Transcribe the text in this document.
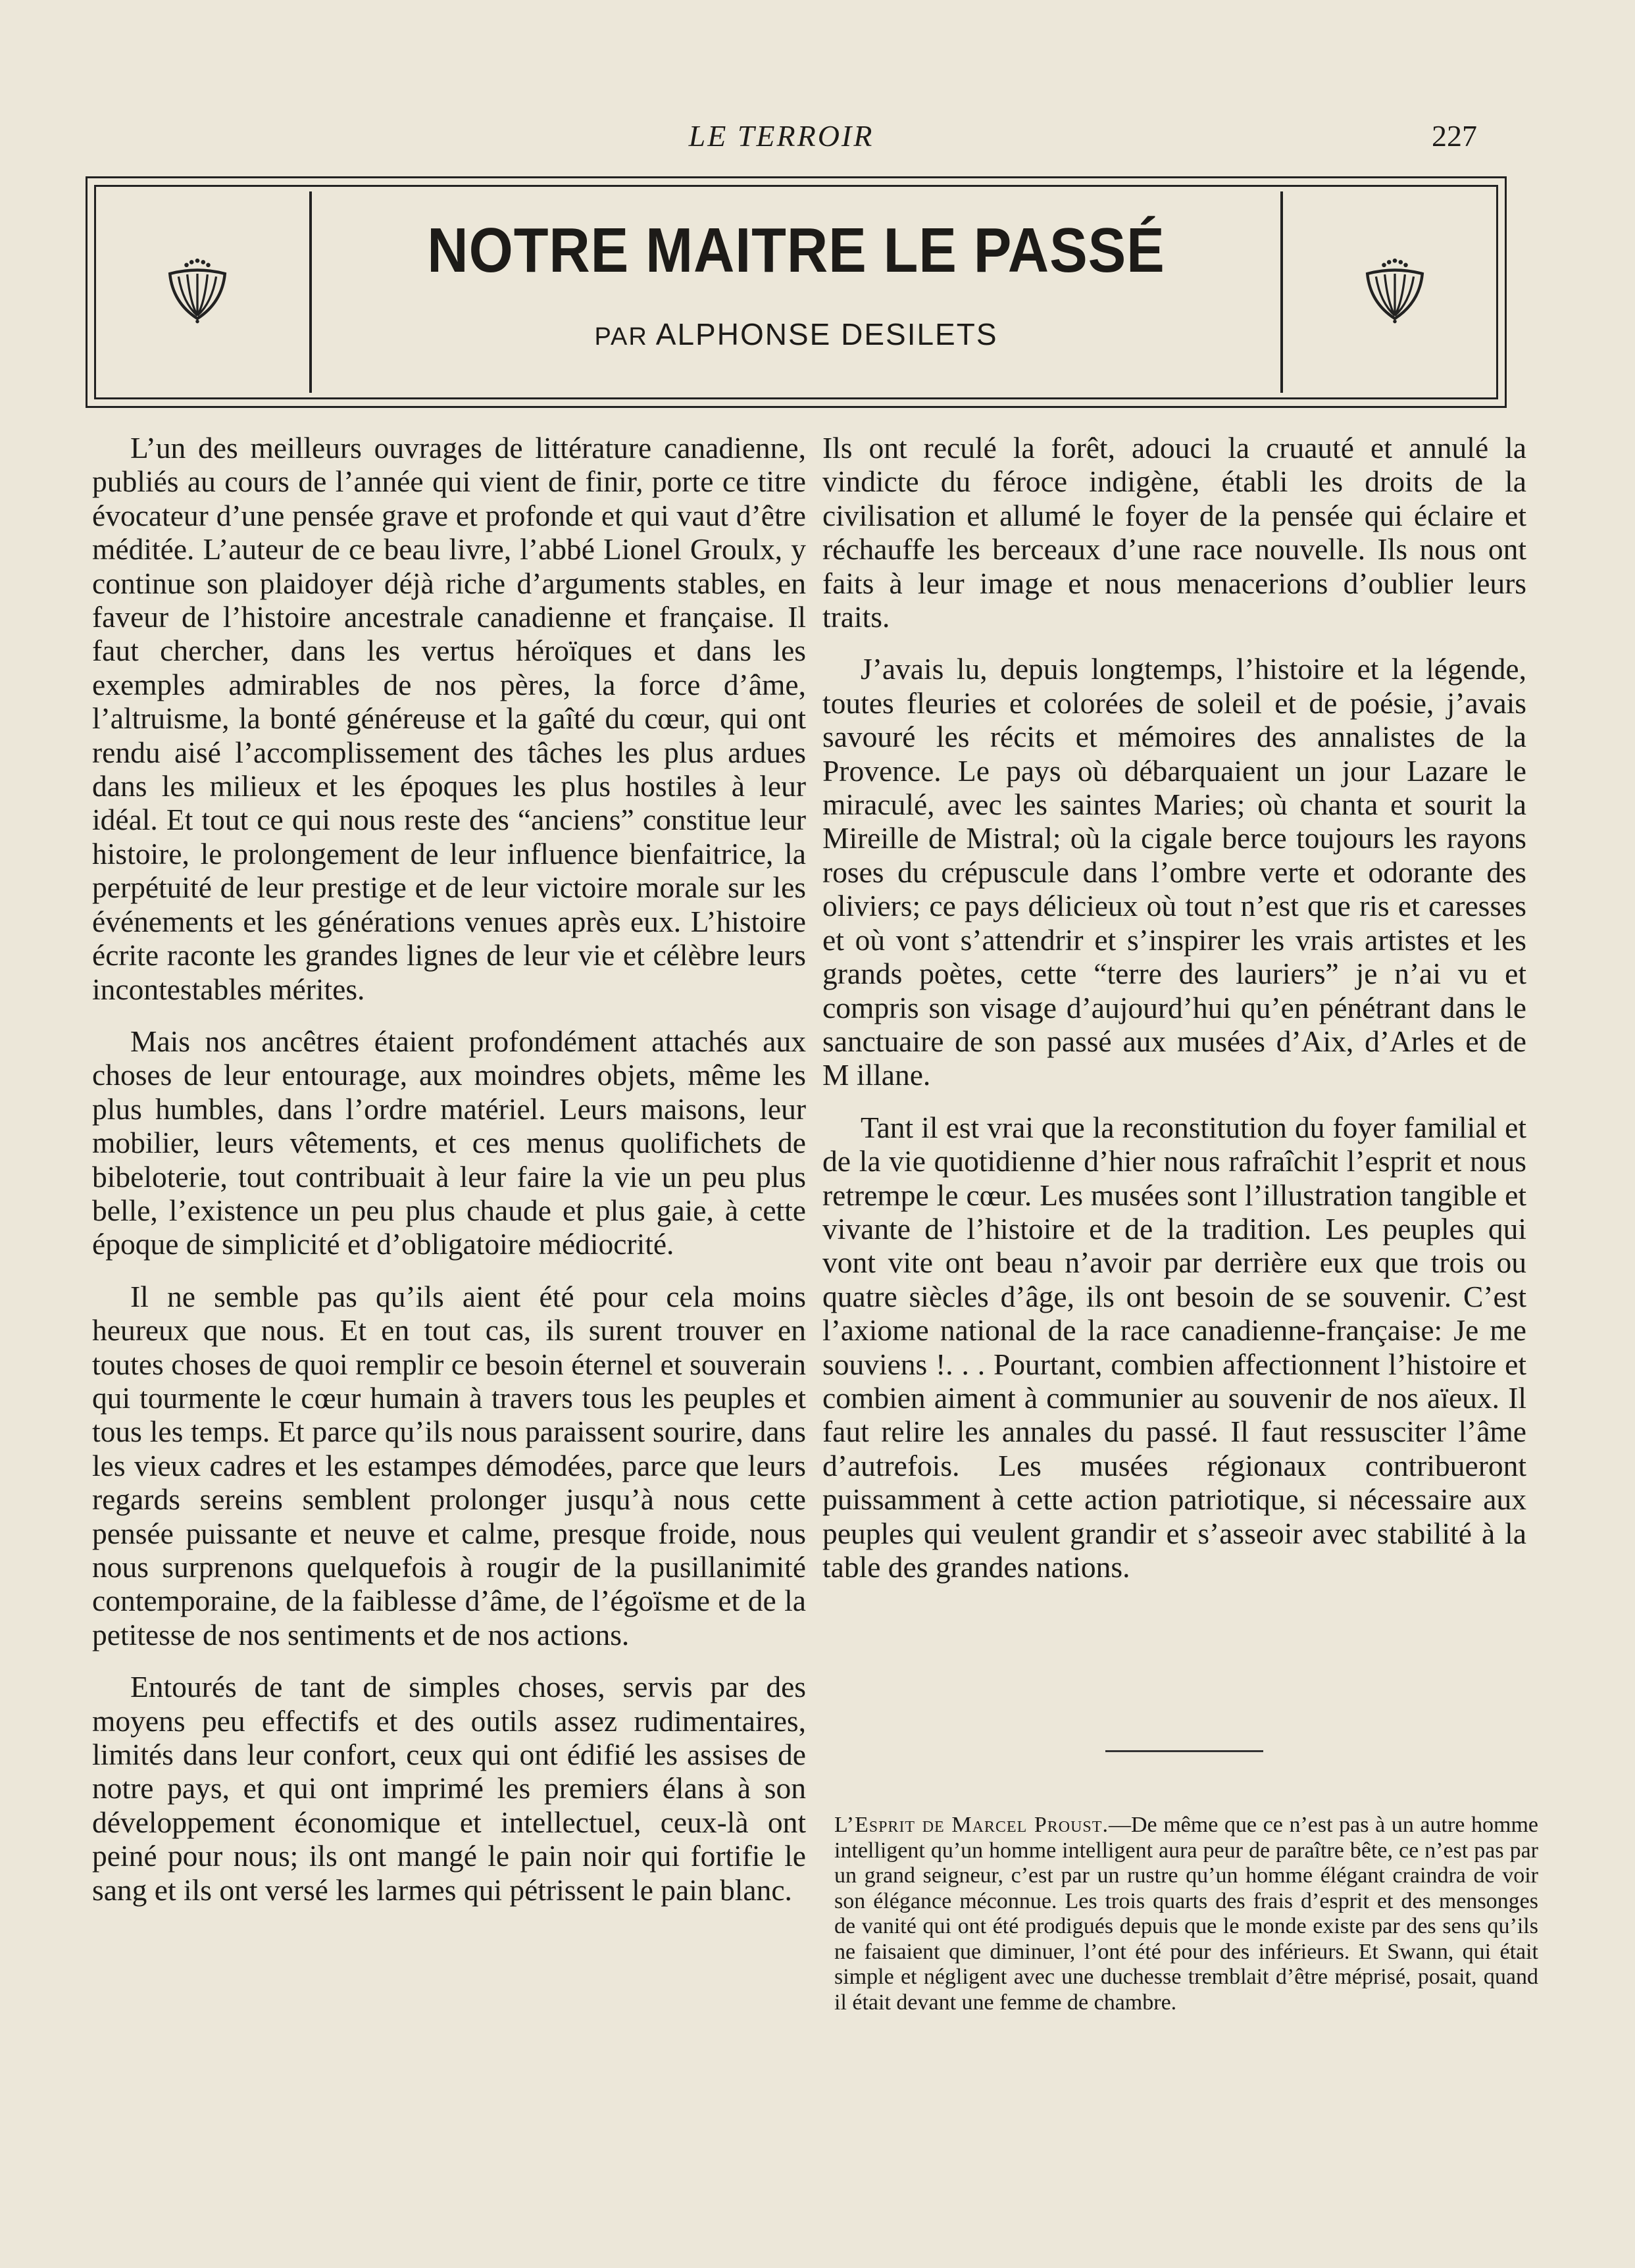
LE TERROIR	227
NOTRE MAITRE LE PASSÉ
PAR ALPHONSE DESILETS

L’un des meilleurs ouvrages de littérature canadienne, publiés au cours de l’année qui vient de finir, porte ce titre évocateur d’une pensée grave et profonde et qui vaut d’être méditée. L’auteur de ce beau livre, l’abbé Lionel Groulx, y continue son plaidoyer déjà riche d’arguments stables, en faveur de l’histoire ancestrale canadienne et française. Il faut chercher, dans les vertus héroïques et dans les exemples admirables de nos pères, la force d’âme, l’altruisme, la bonté généreuse et la gaîté du cœur, qui ont rendu aisé l’accomplissement des tâches les plus ardues dans les milieux et les époques les plus hostiles à leur idéal. Et tout ce qui nous reste des “anciens” constitue leur histoire, le prolongement de leur influence bienfaitrice, la perpétuité de leur prestige et de leur victoire morale sur les événements et les générations venues après eux. L’histoire écrite raconte les grandes lignes de leur vie et célèbre leurs incontestables mérites.

Mais nos ancêtres étaient profondément attachés aux choses de leur entourage, aux moindres objets, même les plus humbles, dans l’ordre matériel. Leurs maisons, leur mobilier, leurs vêtements, et ces menus quolifichets de bibeloterie, tout contribuait à leur faire la vie un peu plus belle, l’existence un peu plus chaude et plus gaie, à cette époque de simplicité et d’obligatoire médiocrité.

Il ne semble pas qu’ils aient été pour cela moins heureux que nous. Et en tout cas, ils surent trouver en toutes choses de quoi remplir ce besoin éternel et souverain qui tourmente le cœur humain à travers tous les peuples et tous les temps. Et parce qu’ils nous paraissent sourire, dans les vieux cadres et les estampes démodées, parce que leurs regards sereins semblent prolonger jusqu’à nous cette pensée puissante et neuve et calme, presque froide, nous nous surprenons quelquefois à rougir de la pusillanimité contemporaine, de la faiblesse d’âme, de l’égoïsme et de la petitesse de nos sentiments et de nos actions.

Entourés de tant de simples choses, servis par des moyens peu effectifs et des outils assez rudimentaires, limités dans leur confort, ceux qui ont édifié les assises de notre pays, et qui ont imprimé les premiers élans à son développement économique et intellectuel, ceux-là ont peiné pour nous; ils ont mangé le pain noir qui fortifie le sang et ils ont versé les larmes qui pétrissent le pain blanc.

Ils ont reculé la forêt, adouci la cruauté et annulé la vindicte du féroce indigène, établi les droits de la civilisation et allumé le foyer de la pensée qui éclaire et réchauffe les berceaux d’une race nouvelle. Ils nous ont faits à leur image et nous menacerions d’oublier leurs traits.

J’avais lu, depuis longtemps, l’histoire et la légende, toutes fleuries et colorées de soleil et de poésie, j’avais savouré les récits et mémoires des annalistes de la Provence. Le pays où débarquaient un jour Lazare le miraculé, avec les saintes Maries; où chanta et sourit la Mireille de Mistral; où la cigale berce toujours les rayons roses du crépuscule dans l’ombre verte et odorante des oliviers; ce pays délicieux où tout n’est que ris et caresses et où vont s’attendrir et s’inspirer les vrais artistes et les grands poètes, cette “terre des lauriers” je n’ai vu et compris son visage d’aujourd’hui qu’en pénétrant dans le sanctuaire de son passé aux musées d’Aix, d’Arles et de M illane.

Tant il est vrai que la reconstitution du foyer familial et de la vie quotidienne d’hier nous rafraîchit l’esprit et nous retrempe le cœur. Les musées sont l’illustration tangible et vivante de l’histoire et de la tradition. Les peuples qui vont vite ont beau n’avoir par derrière eux que trois ou quatre siècles d’âge, ils ont besoin de se souvenir. C’est l’axiome national de la race canadienne-française: Je me souviens !. . . Pourtant, combien affectionnent l’histoire et combien aiment à communier au souvenir de nos aïeux. Il faut relire les annales du passé. Il faut ressusciter l’âme d’autrefois. Les musées régionaux contribueront puissamment à cette action patriotique, si nécessaire aux peuples qui veulent grandir et s’asseoir avec stabilité à la table des grandes nations.

L’Esprit de Marcel Proust.—De même que ce n’est pas à un autre homme intelligent qu’un homme intelligent aura peur de paraître bête, ce n’est pas par un grand seigneur, c’est par un rustre qu’un homme élégant craindra de voir son élégance méconnue. Les trois quarts des frais d’esprit et des mensonges de vanité qui ont été prodigués depuis que le monde existe par des sens qu’ils ne faisaient que diminuer, l’ont été pour des inférieurs. Et Swann, qui était simple et négligent avec une duchesse tremblait d’être méprisé, posait, quand il était devant une femme de chambre.
